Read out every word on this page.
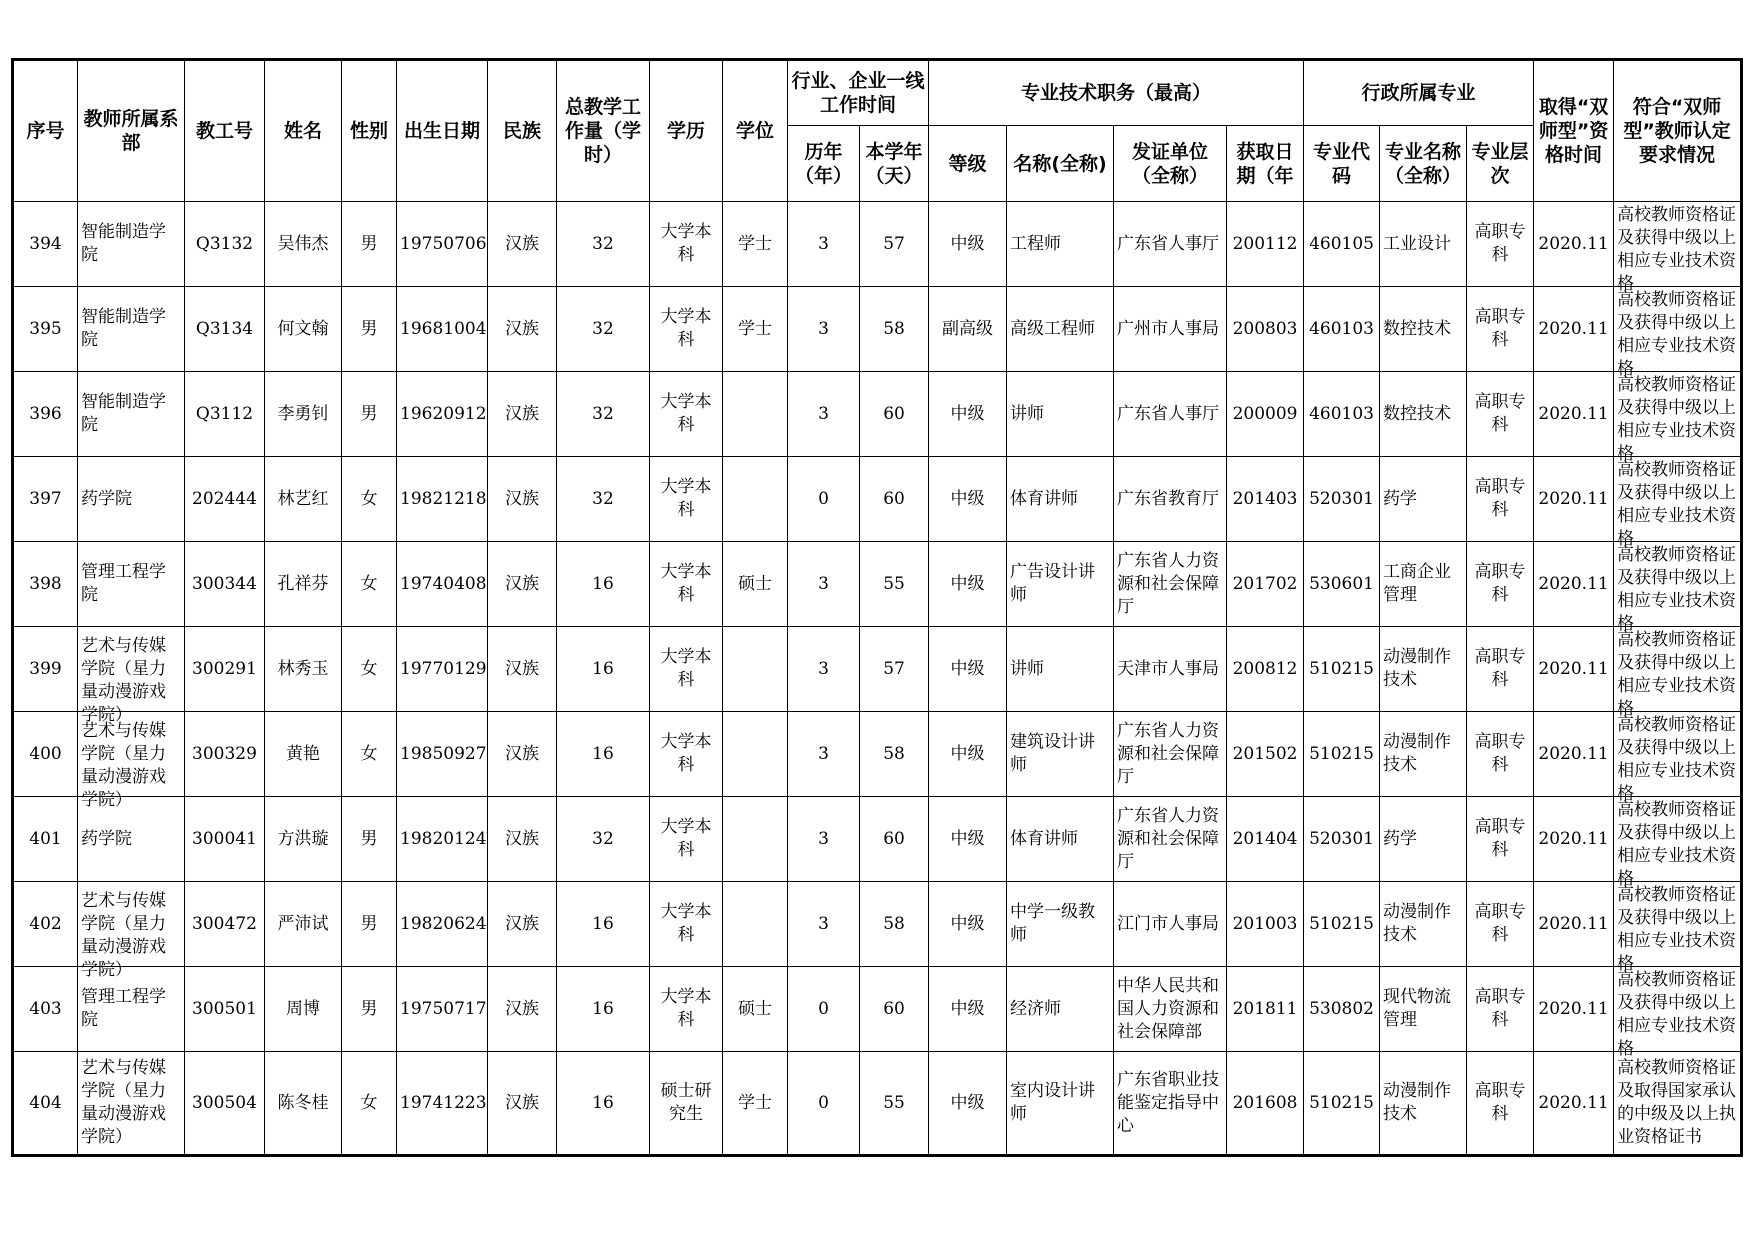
序号	教师所属系部	教工号	姓名	性别	出生日期	民族	总教学工作量（学时）	学历	学位	行业、企业一线工作时间		专业技术职务（最高）				行政所属专业			取得“双师型”资格时间	符合“双师型”教师认定要求情况
										历年（年）	本学年（天）	等级	名称(全称)	发证单位（全称）	获取日期（年	专业代码	专业名称（全称）	专业层次		
394	智能制造学院	Q3132	吴伟杰	男	19750706	汉族	32	大学本科	学士	3	57	中级	工程师	广东省人事厅	200112	460105	工业设计	高职专科	2020.11	高校教师资格证及获得中级以上相应专业技术资格

395	智能制造学院	Q3134	何文翰	男	19681004	汉族	32	大学本科	学士	3	58	副高级	高级工程师	广州市人事局	200803	460103	数控技术	高职专科	2020.11	高校教师资格证及获得中级以上相应专业技术资格

396	智能制造学院	Q3112	李勇钊	男	19620912	汉族	32	大学本科		3	60	中级	讲师	广东省人事厅	200009	460103	数控技术	高职专科	2020.11	高校教师资格证及获得中级以上相应专业技术资格

397	药学院	202444	林艺红	女	19821218	汉族	32	大学本科		0	60	中级	体育讲师	广东省教育厅	201403	520301	药学	高职专科	2020.11	高校教师资格证及获得中级以上相应专业技术资格

398	管理工程学院	300344	孔祥芬	女	19740408	汉族	16	大学本科	硕士	3	55	中级	广告设计讲师	广东省人力资源和社会保障厅	201702	530601	工商企业管理	高职专科	2020.11	高校教师资格证及获得中级以上相应专业技术资格

399	艺术与传媒学院（星力量动漫游戏学院）	300291	林秀玉	女	19770129	汉族	16	大学本科		3	57	中级	讲师	天津市人事局	200812	510215	动漫制作技术	高职专科	2020.11	高校教师资格证及获得中级以上相应专业技术资格

400	艺术与传媒学院（星力量动漫游戏学院）	300329	黄艳	女	19850927	汉族	16	大学本科		3	58	中级	建筑设计讲师	广东省人力资源和社会保障厅	201502	510215	动漫制作技术	高职专科	2020.11	高校教师资格证及获得中级以上相应专业技术资格

401	药学院	300041	方洪璇	男	19820124	汉族	32	大学本科		3	60	中级	体育讲师	广东省人力资源和社会保障厅	201404	520301	药学	高职专科	2020.11	高校教师资格证及获得中级以上相应专业技术资格

402	艺术与传媒学院（星力量动漫游戏学院）	300472	严沛试	男	19820624	汉族	16	大学本科		3	58	中级	中学一级教师	江门市人事局	201003	510215	动漫制作技术	高职专科	2020.11	高校教师资格证及获得中级以上相应专业技术资格

403	管理工程学院	300501	周博	男	19750717	汉族	16	大学本科	硕士	0	60	中级	经济师	中华人民共和国人力资源和社会保障部	201811	530802	现代物流管理	高职专科	2020.11	高校教师资格证及获得中级以上相应专业技术资格

404	艺术与传媒学院（星力量动漫游戏学院）	300504	陈冬桂	女	19741223	汉族	16	硕士研究生	学士	0	55	中级	室内设计讲师	广东省职业技能鉴定指导中心	201608	510215	动漫制作技术	高职专科	2020.11	高校教师资格证及取得国家承认的中级及以上执业资格证书
